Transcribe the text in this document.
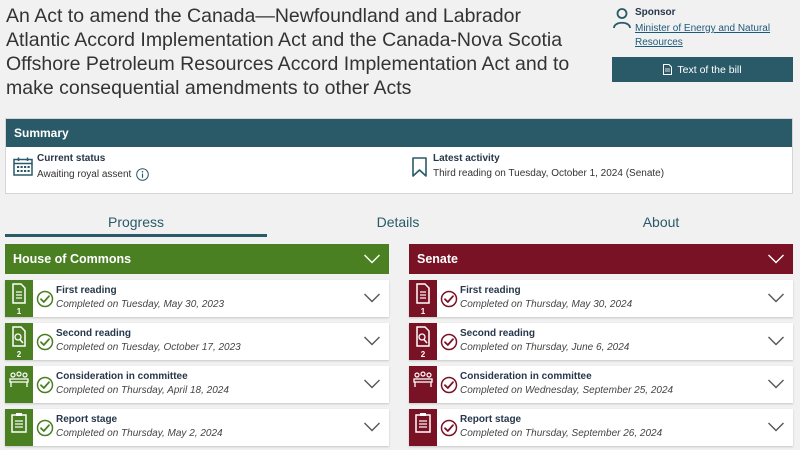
An Act to amend the Canada—Newfoundland and Labrador Atlantic Accord Implementation Act and the Canada-Nova Scotia Offshore Petroleum Resources Accord Implementation Act and to make consequential amendments to other Acts
Sponsor
Minister of Energy and Natural Resources
Text of the bill
Summary
Current status
Awaiting royal assent
Latest activity
Third reading on Tuesday, October 1, 2024 (Senate)
Progress	Details	About
House of Commons
1
First reading
Completed on Tuesday, May 30, 2023
2
Second reading
Completed on Tuesday, October 17, 2023
Consideration in committee
Completed on Thursday, April 18, 2024
Report stage
Completed on Thursday, May 2, 2024
Senate
1
First reading
Completed on Thursday, May 30, 2024
2
Second reading
Completed on Thursday, June 6, 2024
Consideration in committee
Completed on Wednesday, September 25, 2024
Report stage
Completed on Thursday, September 26, 2024
